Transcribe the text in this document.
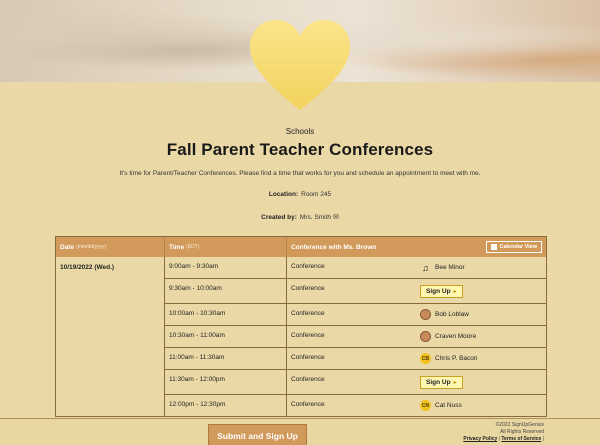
Schools
Fall Parent Teacher Conferences
It's time for Parent/Teacher Conferences. Please find a time that works for you and schedule an appointment to meet with me.
Location: Room 245
Created by: Mrs. Smith ✉
Date (mm/dd/yyyy)	Time (EDT)	Conference with Ms. Brown	Calendar View
10/19/2022 (Wed.)	9:00am - 9:30am	Conference	♫ Bee Minor
9:30am - 10:00am	Conference	Sign Up ▸
10:00am - 10:30am	Conference	Bob Loblaw
10:30am - 11:00am	Conference	Craven Moore
11:00am - 11:30am	Conference	CB Chris P. Bacon
11:30am - 12:00pm	Conference	Sign Up ▸
12:00pm - 12:30pm	Conference	CN Cat Nuss
Submit and Sign Up
©2022 SignUpGenius
All Rights Reserved
Privacy Policy | Terms of Service |
